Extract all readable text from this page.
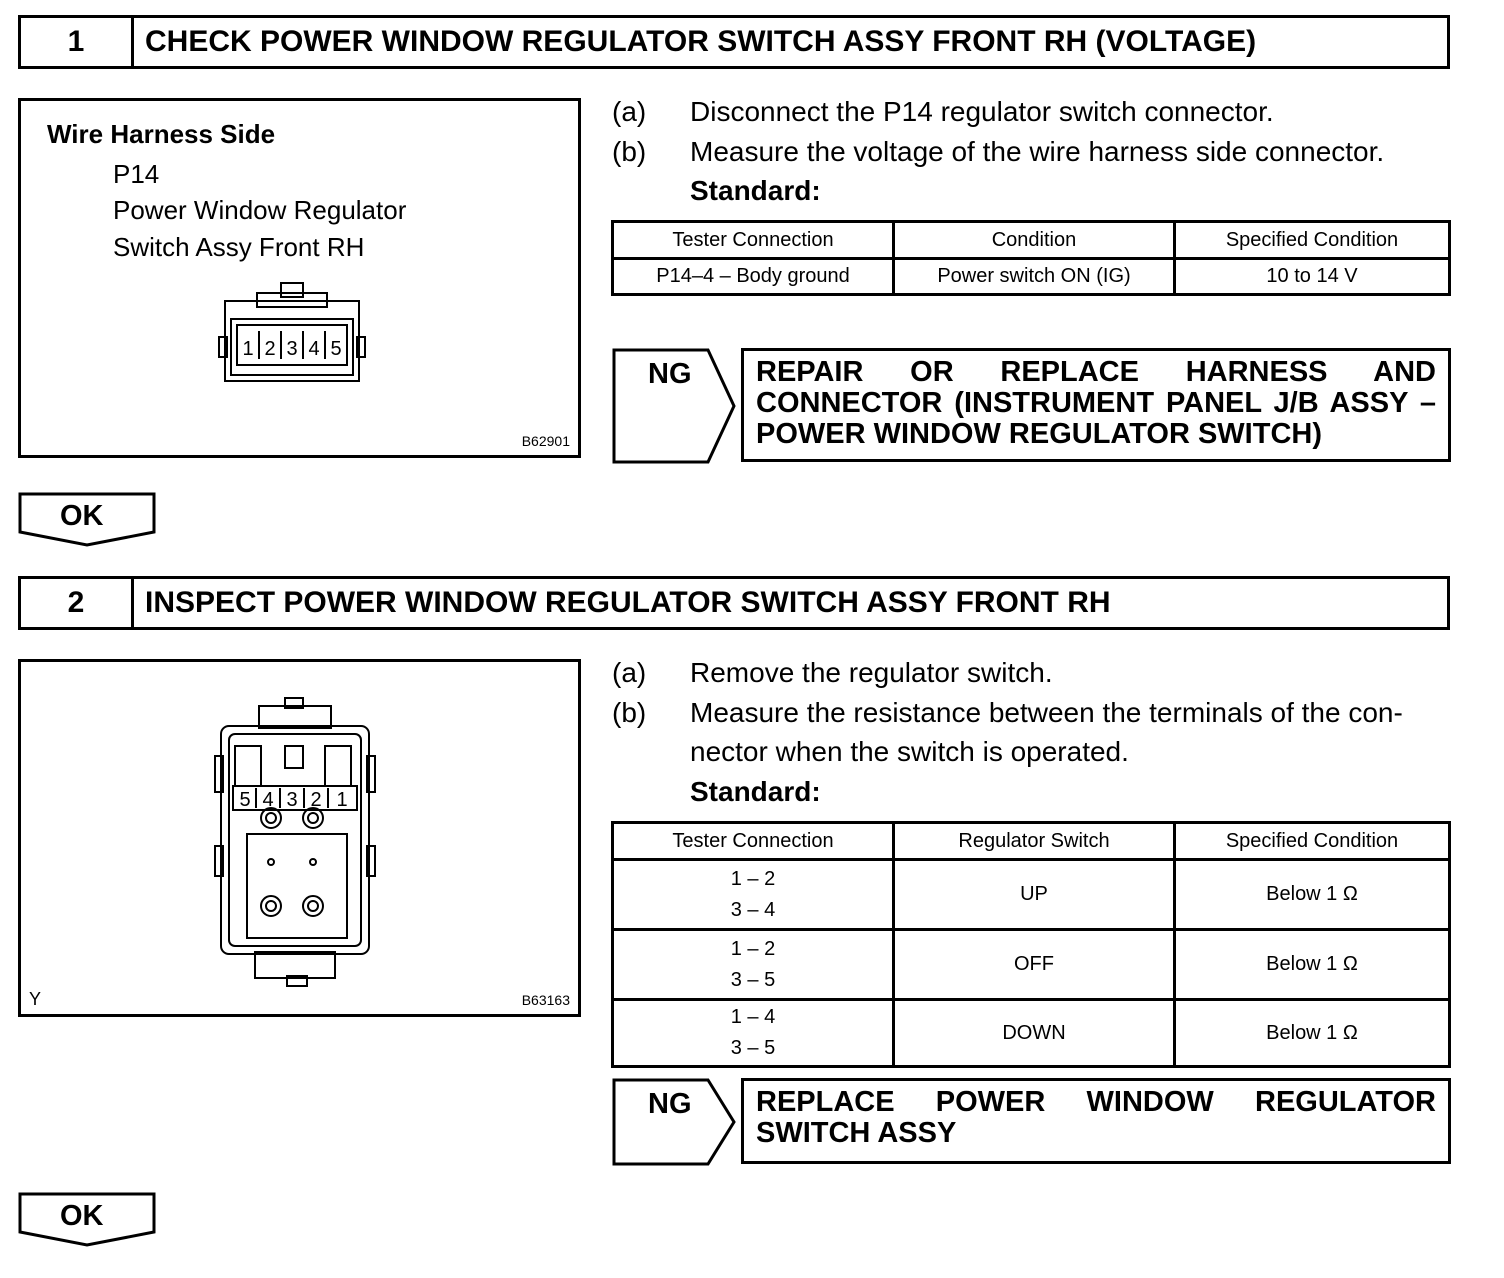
1	CHECK POWER WINDOW REGULATOR SWITCH ASSY FRONT RH (VOLTAGE)
Wire Harness Side
P14
Power Window Regulator
Switch Assy Front RH
1 2 3 4 5
B62901
(a) Disconnect the P14 regulator switch connector.
(b) Measure the voltage of the wire harness side connector.
Standard:
Tester Connection	Condition	Specified Condition
P14–4 – Body ground	Power switch ON (IG)	10 to 14 V
NG	REPAIR OR REPLACE HARNESS AND CONNECTOR (INSTRUMENT PANEL J/B ASSY – POWER WINDOW REGULATOR SWITCH)
OK
2	INSPECT POWER WINDOW REGULATOR SWITCH ASSY FRONT RH
5 4 3 2 1
Y	B63163
(a) Remove the regulator switch.
(b) Measure the resistance between the terminals of the con-
nector when the switch is operated.
Standard:
Tester Connection	Regulator Switch	Specified Condition

1 – 2
3 – 4	UP	Below 1 Ω

1 – 2
3 – 5	OFF	Below 1 Ω

1 – 4
3 – 5	DOWN	Below 1 Ω
NG	REPLACE POWER WINDOW REGULATOR SWITCH ASSY
OK
